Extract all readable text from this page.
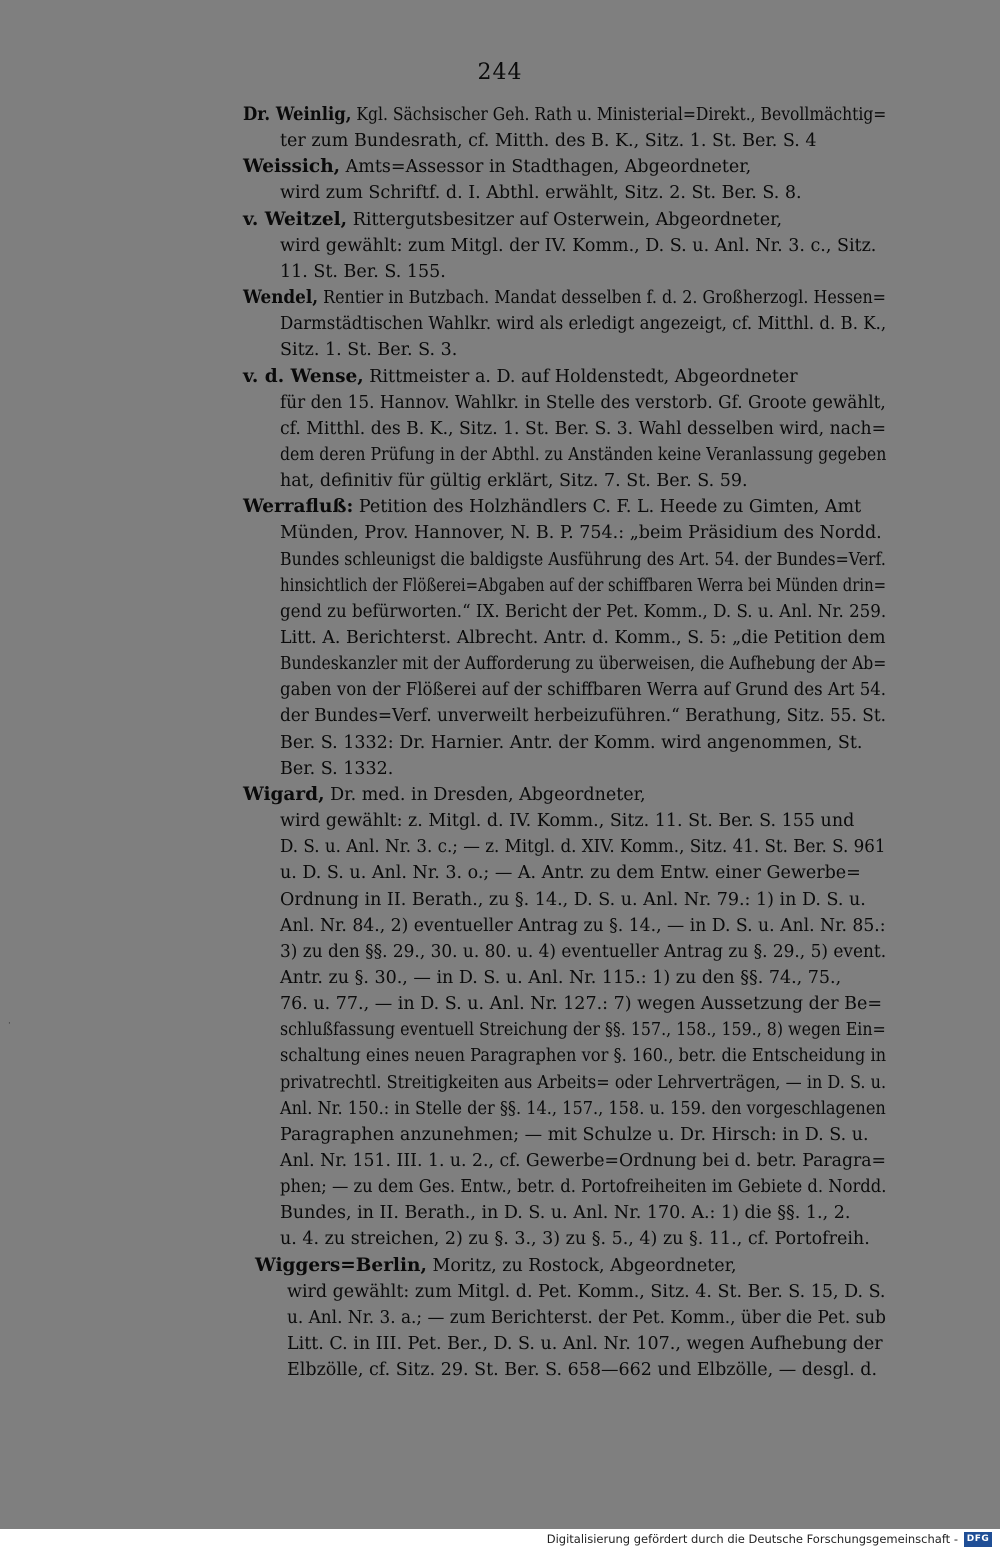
244
Dr. Weinlig, Kgl. Sächsischer Geh. Rath u. Ministerial=Direkt., Bevollmächtig=
ter zum Bundesrath, cf. Mitth. des B. K., Sitz. 1. St. Ber. S. 4
Weissich, Amts=Assessor in Stadthagen, Abgeordneter,
wird zum Schriftf. d. I. Abthl. erwählt, Sitz. 2. St. Ber. S. 8.
v. Weitzel, Rittergutsbesitzer auf Osterwein, Abgeordneter,
wird gewählt: zum Mitgl. der IV. Komm., D. S. u. Anl. Nr. 3. c., Sitz.
11. St. Ber. S. 155.
Wendel, Rentier in Butzbach. Mandat desselben f. d. 2. Großherzogl. Hessen=
Darmstädtischen Wahlkr. wird als erledigt angezeigt, cf. Mitthl. d. B. K.,
Sitz. 1. St. Ber. S. 3.
v. d. Wense, Rittmeister a. D. auf Holdenstedt, Abgeordneter
für den 15. Hannov. Wahlkr. in Stelle des verstorb. Gf. Groote gewählt,
cf. Mitthl. des B. K., Sitz. 1. St. Ber. S. 3. Wahl desselben wird, nach=
dem deren Prüfung in der Abthl. zu Anständen keine Veranlassung gegeben
hat, definitiv für gültig erklärt, Sitz. 7. St. Ber. S. 59.
Werrafluß: Petition des Holzhändlers C. F. L. Heede zu Gimten, Amt
Münden, Prov. Hannover, N. B. P. 754.: „beim Präsidium des Nordd.
Bundes schleunigst die baldigste Ausführung des Art. 54. der Bundes=Verf.
hinsichtlich der Flößerei=Abgaben auf der schiffbaren Werra bei Münden drin=
gend zu befürworten.“ IX. Bericht der Pet. Komm., D. S. u. Anl. Nr. 259.
Litt. A. Berichterst. Albrecht. Antr. d. Komm., S. 5: „die Petition dem
Bundeskanzler mit der Aufforderung zu überweisen, die Aufhebung der Ab=
gaben von der Flößerei auf der schiffbaren Werra auf Grund des Art 54.
der Bundes=Verf. unverweilt herbeizuführen.“ Berathung, Sitz. 55. St.
Ber. S. 1332: Dr. Harnier. Antr. der Komm. wird angenommen, St.
Ber. S. 1332.
Wigard, Dr. med. in Dresden, Abgeordneter,
wird gewählt: z. Mitgl. d. IV. Komm., Sitz. 11. St. Ber. S. 155 und
D. S. u. Anl. Nr. 3. c.; — z. Mitgl. d. XIV. Komm., Sitz. 41. St. Ber. S. 961
u. D. S. u. Anl. Nr. 3. o.; — A. Antr. zu dem Entw. einer Gewerbe=
Ordnung in II. Berath., zu §. 14., D. S. u. Anl. Nr. 79.: 1) in D. S. u.
Anl. Nr. 84., 2) eventueller Antrag zu §. 14., — in D. S. u. Anl. Nr. 85.:
3) zu den §§. 29., 30. u. 80. u. 4) eventueller Antrag zu §. 29., 5) event.
Antr. zu §. 30., — in D. S. u. Anl. Nr. 115.: 1) zu den §§. 74., 75.,
76. u. 77., — in D. S. u. Anl. Nr. 127.: 7) wegen Aussetzung der Be=
schlußfassung eventuell Streichung der §§. 157., 158., 159., 8) wegen Ein=
schaltung eines neuen Paragraphen vor §. 160., betr. die Entscheidung in
privatrechtl. Streitigkeiten aus Arbeits= oder Lehrverträgen, — in D. S. u.
Anl. Nr. 150.: in Stelle der §§. 14., 157., 158. u. 159. den vorgeschlagenen
Paragraphen anzunehmen; — mit Schulze u. Dr. Hirsch: in D. S. u.
Anl. Nr. 151. III. 1. u. 2., cf. Gewerbe=Ordnung bei d. betr. Paragra=
phen; — zu dem Ges. Entw., betr. d. Portofreiheiten im Gebiete d. Nordd.
Bundes, in II. Berath., in D. S. u. Anl. Nr. 170. A.: 1) die §§. 1., 2.
u. 4. zu streichen, 2) zu §. 3., 3) zu §. 5., 4) zu §. 11., cf. Portofreih.
Wiggers=Berlin, Moritz, zu Rostock, Abgeordneter,
wird gewählt: zum Mitgl. d. Pet. Komm., Sitz. 4. St. Ber. S. 15, D. S.
u. Anl. Nr. 3. a.; — zum Berichterst. der Pet. Komm., über die Pet. sub
Litt. C. in III. Pet. Ber., D. S. u. Anl. Nr. 107., wegen Aufhebung der
Elbzölle, cf. Sitz. 29. St. Ber. S. 658—662 und Elbzölle, — desgl. d.
·
Digitalisierung gefördert durch die Deutsche Forschungsgemeinschaft - DFG
